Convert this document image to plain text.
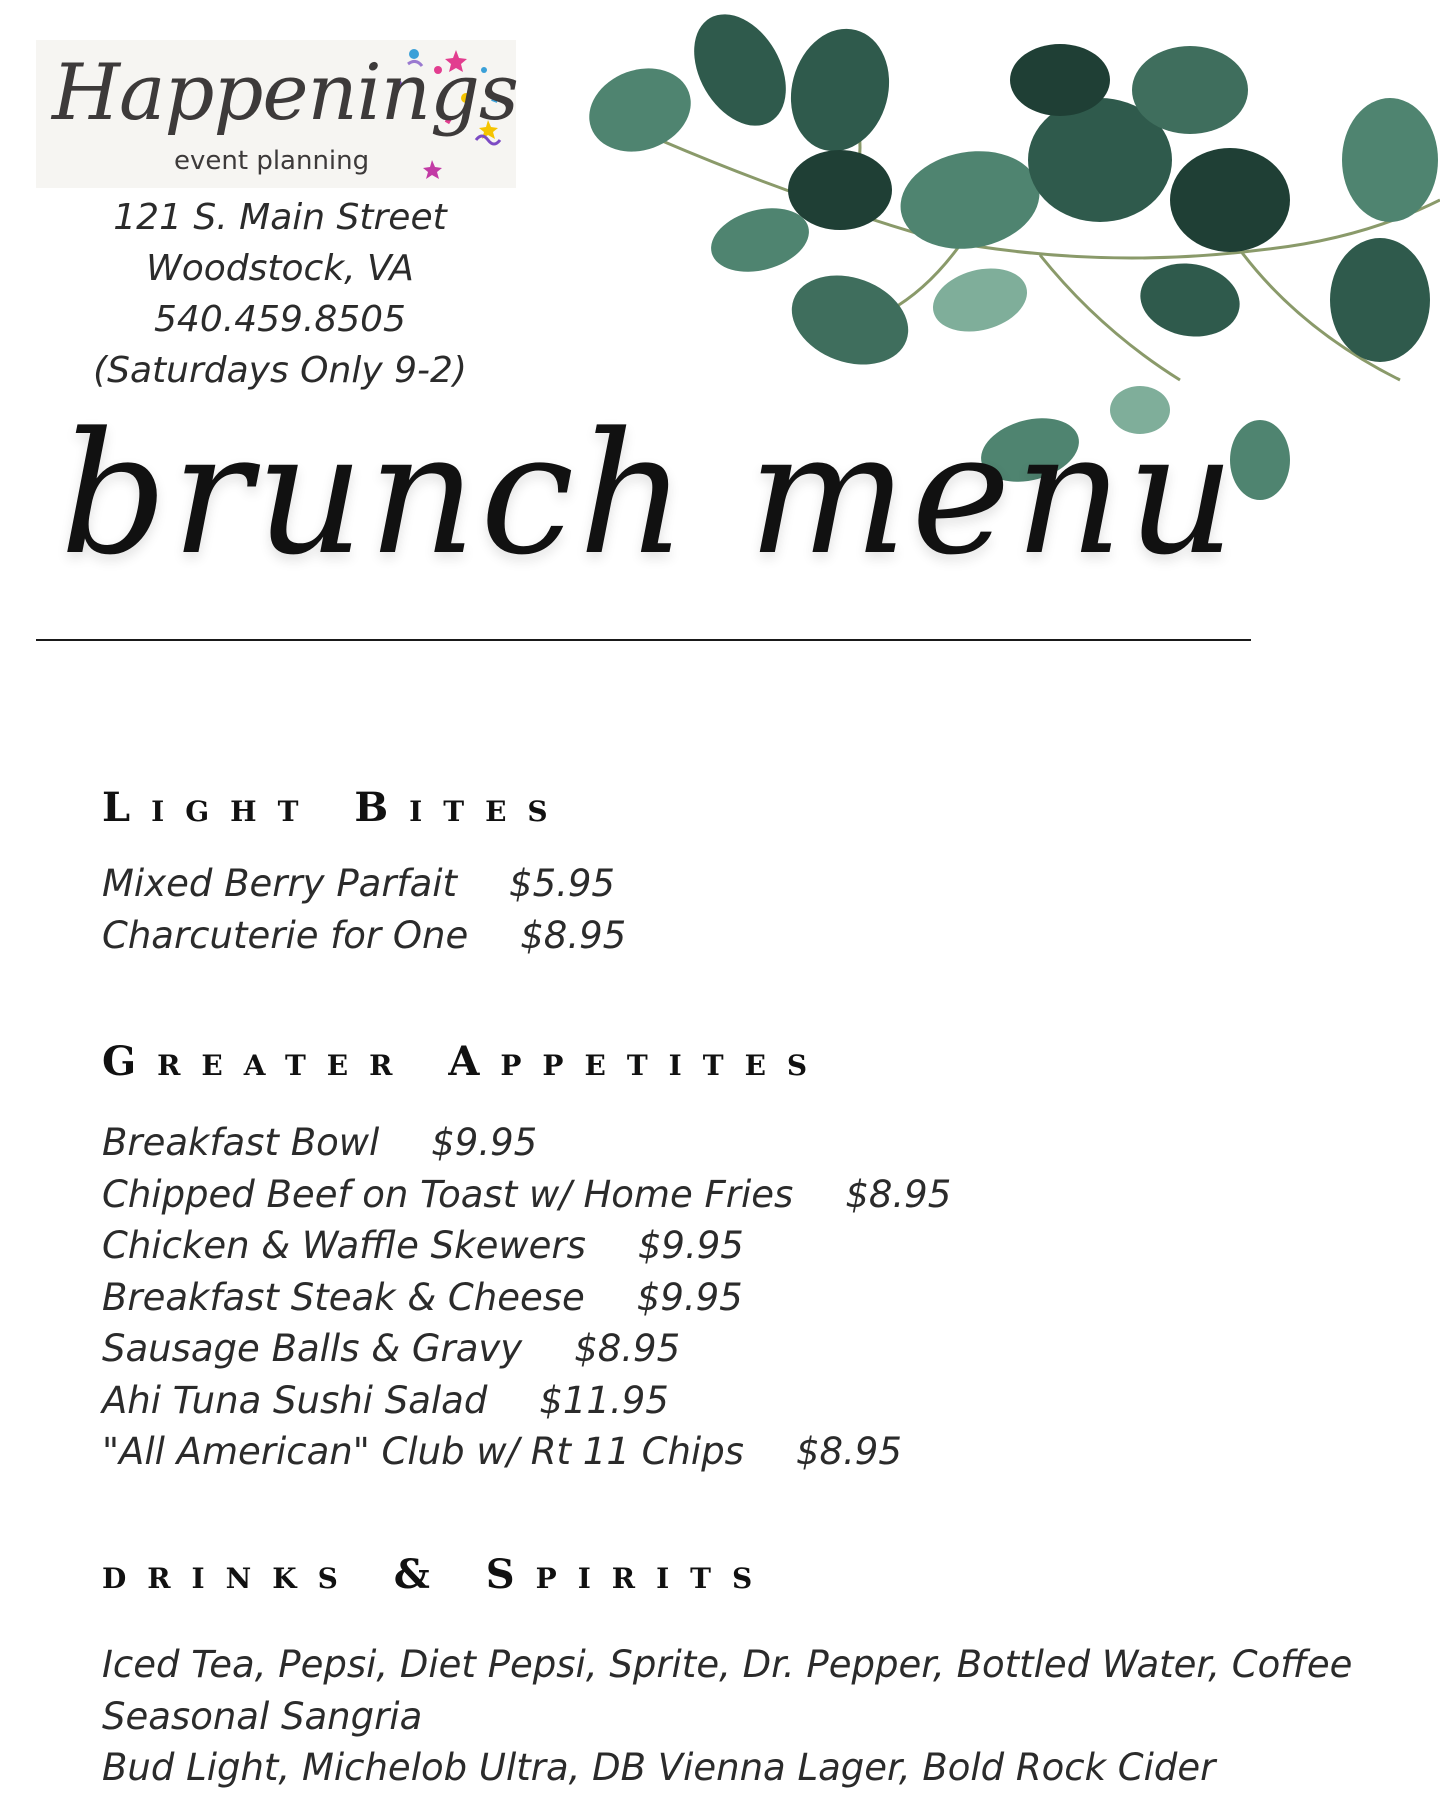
Happenings
event planning
121 S. Main Street
Woodstock, VA
540.459.8505
(Saturdays Only 9-2)
brunch menu
Light Bites
Mixed Berry Parfait $5.95
Charcuterie for One $8.95
Greater Appetites
Breakfast Bowl $9.95
Chipped Beef on Toast w/ Home Fries $8.95
Chicken & Waffle Skewers $9.95
Breakfast Steak & Cheese $9.95
Sausage Balls & Gravy $8.95
Ahi Tuna Sushi Salad $11.95
"All American" Club w/ Rt 11 Chips $8.95
drinks & Spirits
Iced Tea, Pepsi, Diet Pepsi, Sprite, Dr. Pepper, Bottled Water, Coffee
Seasonal Sangria
Bud Light, Michelob Ultra, DB Vienna Lager, Bold Rock Cider
